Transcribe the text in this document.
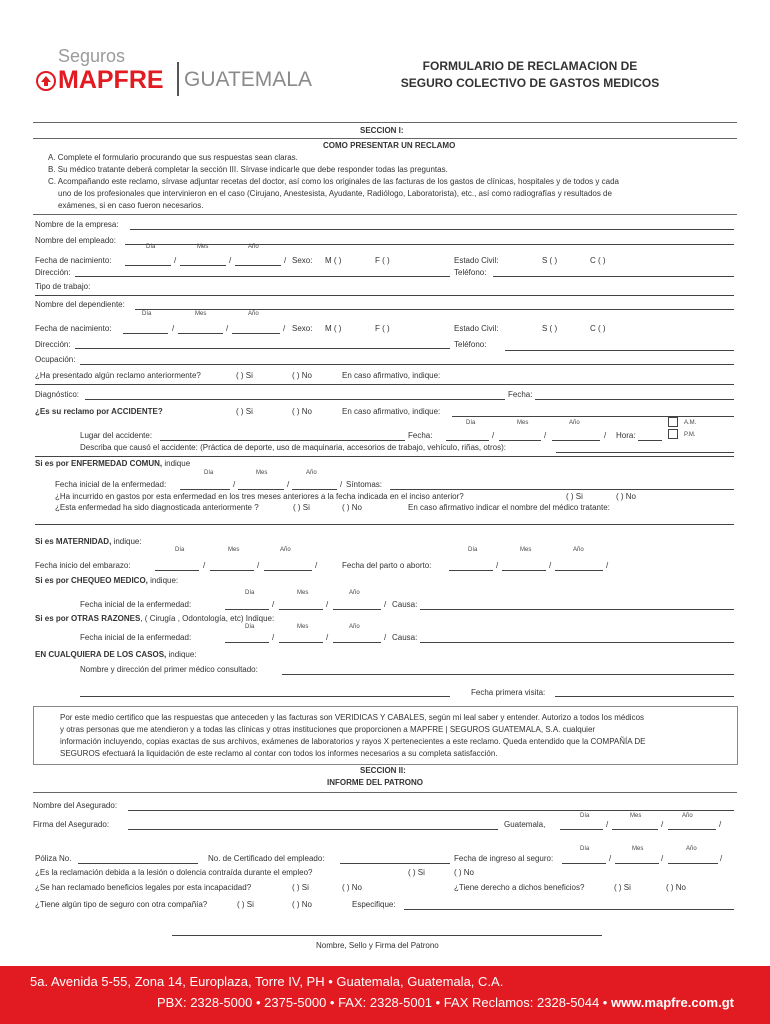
Seguros
MAPFRE GUATEMALA
FORMULARIO DE RECLAMACION DE
SEGURO COLECTIVO DE GASTOS MEDICOS
SECCION I:
COMO PRESENTAR UN RECLAMO
A. Complete el formulario procurando que sus respuestas sean claras.
B. Su médico tratante deberá completar la sección III. Sírvase indicarle que debe responder todas las preguntas.
C. Acompañando este reclamo, sírvase adjuntar recetas del doctor, así como los originales de las facturas de los gastos de clínicas, hospitales y de todos y cada
uno de los profesionales que intervinieron en el caso (Cirujano, Anestesista, Ayudante, Radiólogo, Laboratorista), etc., así como radiografías y resultados de
exámenes, si en caso fueron necesarios.
Nombre de la empresa:
Nombre del empleado:
Día	Mes	Año
Fecha de nacimiento:	/	/	/ Sexo: M ( )	F ( )	Estado Civil:	S ( )	C ( )
Dirección:	Teléfono:
Tipo de trabajo:
Nombre del dependiente:
Día	Mes	Año
Fecha de nacimiento:	/	/	/ Sexo: M ( )	F ( )	Estado Civil:	S ( )	C ( )
Dirección:	Teléfono:
Ocupación:
¿Ha presentado algún reclamo anteriormente?	( ) Si	( ) No	En caso afirmativo, indique:
Diagnóstico:	Fecha:
¿Es su reclamo por ACCIDENTE?	( ) Si	( ) No	En caso afirmativo, indique:
Día	Mes	Año	A.M.
P.M.
Lugar del accidente:	Fecha:	/	/	/ Hora:
Describa que causó el accidente: (Práctica de deporte, uso de maquinaria, accesorios de trabajo, vehículo, riñas, otros):
Si es por ENFERMEDAD COMUN, indique
Día	Mes	Año
Fecha inicial de la enfermedad:	/	/	/ Síntomas:
¿Ha incurrido en gastos por esta enfermedad en los tres meses anteriores a la fecha indicada en el inciso anterior?	( ) Si	( ) No
¿Esta enfermedad ha sido diagnosticada anteriormente ?	( ) Si	( ) No	En caso afirmativo indicar el nombre del médico tratante:
Si es MATERNIDAD, indique:
Día	Mes	Año	Día	Mes	Año
Fecha inicio del embarazo:	/	/	/	Fecha del parto o aborto:	/	/	/
Si es por CHEQUEO MEDICO, indique:
Día	Mes	Año
Fecha inicial de la enfermedad:	/	/	/ Causa:
Si es por OTRAS RAZONES, ( Cirugía , Odontología, etc) Indique:
Día	Mes	Año
Fecha inicial de la enfermedad:	/	/	/ Causa:
EN CUALQUIERA DE LOS CASOS, indique:
Nombre y dirección del primer médico consultado:
Fecha primera visita:
Por este medio certifico que las respuestas que anteceden y las facturas son VERIDICAS Y CABALES, según mi leal saber y entender. Autorizo a todos los médicos
y otras personas que me atendieron y a todas las clínicas y otras instituciones que proporcionen a MAPFRE | SEGUROS GUATEMALA, S.A. cualquier
información incluyendo, copias exactas de sus archivos, exámenes de laboratorios y rayos X pertenecientes a este reclamo. Queda entendido que la COMPAÑÍA DE
SEGUROS efectuará la liquidación de este reclamo al contar con todos los informes necesarios a su completa satisfacción.
SECCION II:
INFORME DEL PATRONO
Nombre del Asegurado:
Día	Mes	Año
Firma del Asegurado:	Guatemala,	/	/	/
Día	Mes	Año
Póliza No.	No. de Certificado del empleado:	Fecha de ingreso al seguro:	/	/	/
¿Es la reclamación debida a la lesión o dolencia contraída durante el empleo?	( ) Si	( ) No
¿Se han reclamado beneficios legales por esta incapacidad?	( ) Si	( ) No	¿Tiene derecho a dichos beneficios?	( ) Si	( ) No
¿Tiene algún tipo de seguro con otra compañía?	( ) Si	( ) No	Especifique:
Nombre, Sello y Firma del Patrono
5a. Avenida 5-55, Zona 14, Europlaza, Torre IV, PH • Guatemala, Guatemala, C.A.
PBX: 2328-5000 • 2375-5000 • FAX: 2328-5001 • FAX Reclamos: 2328-5044 • www.mapfre.com.gt
